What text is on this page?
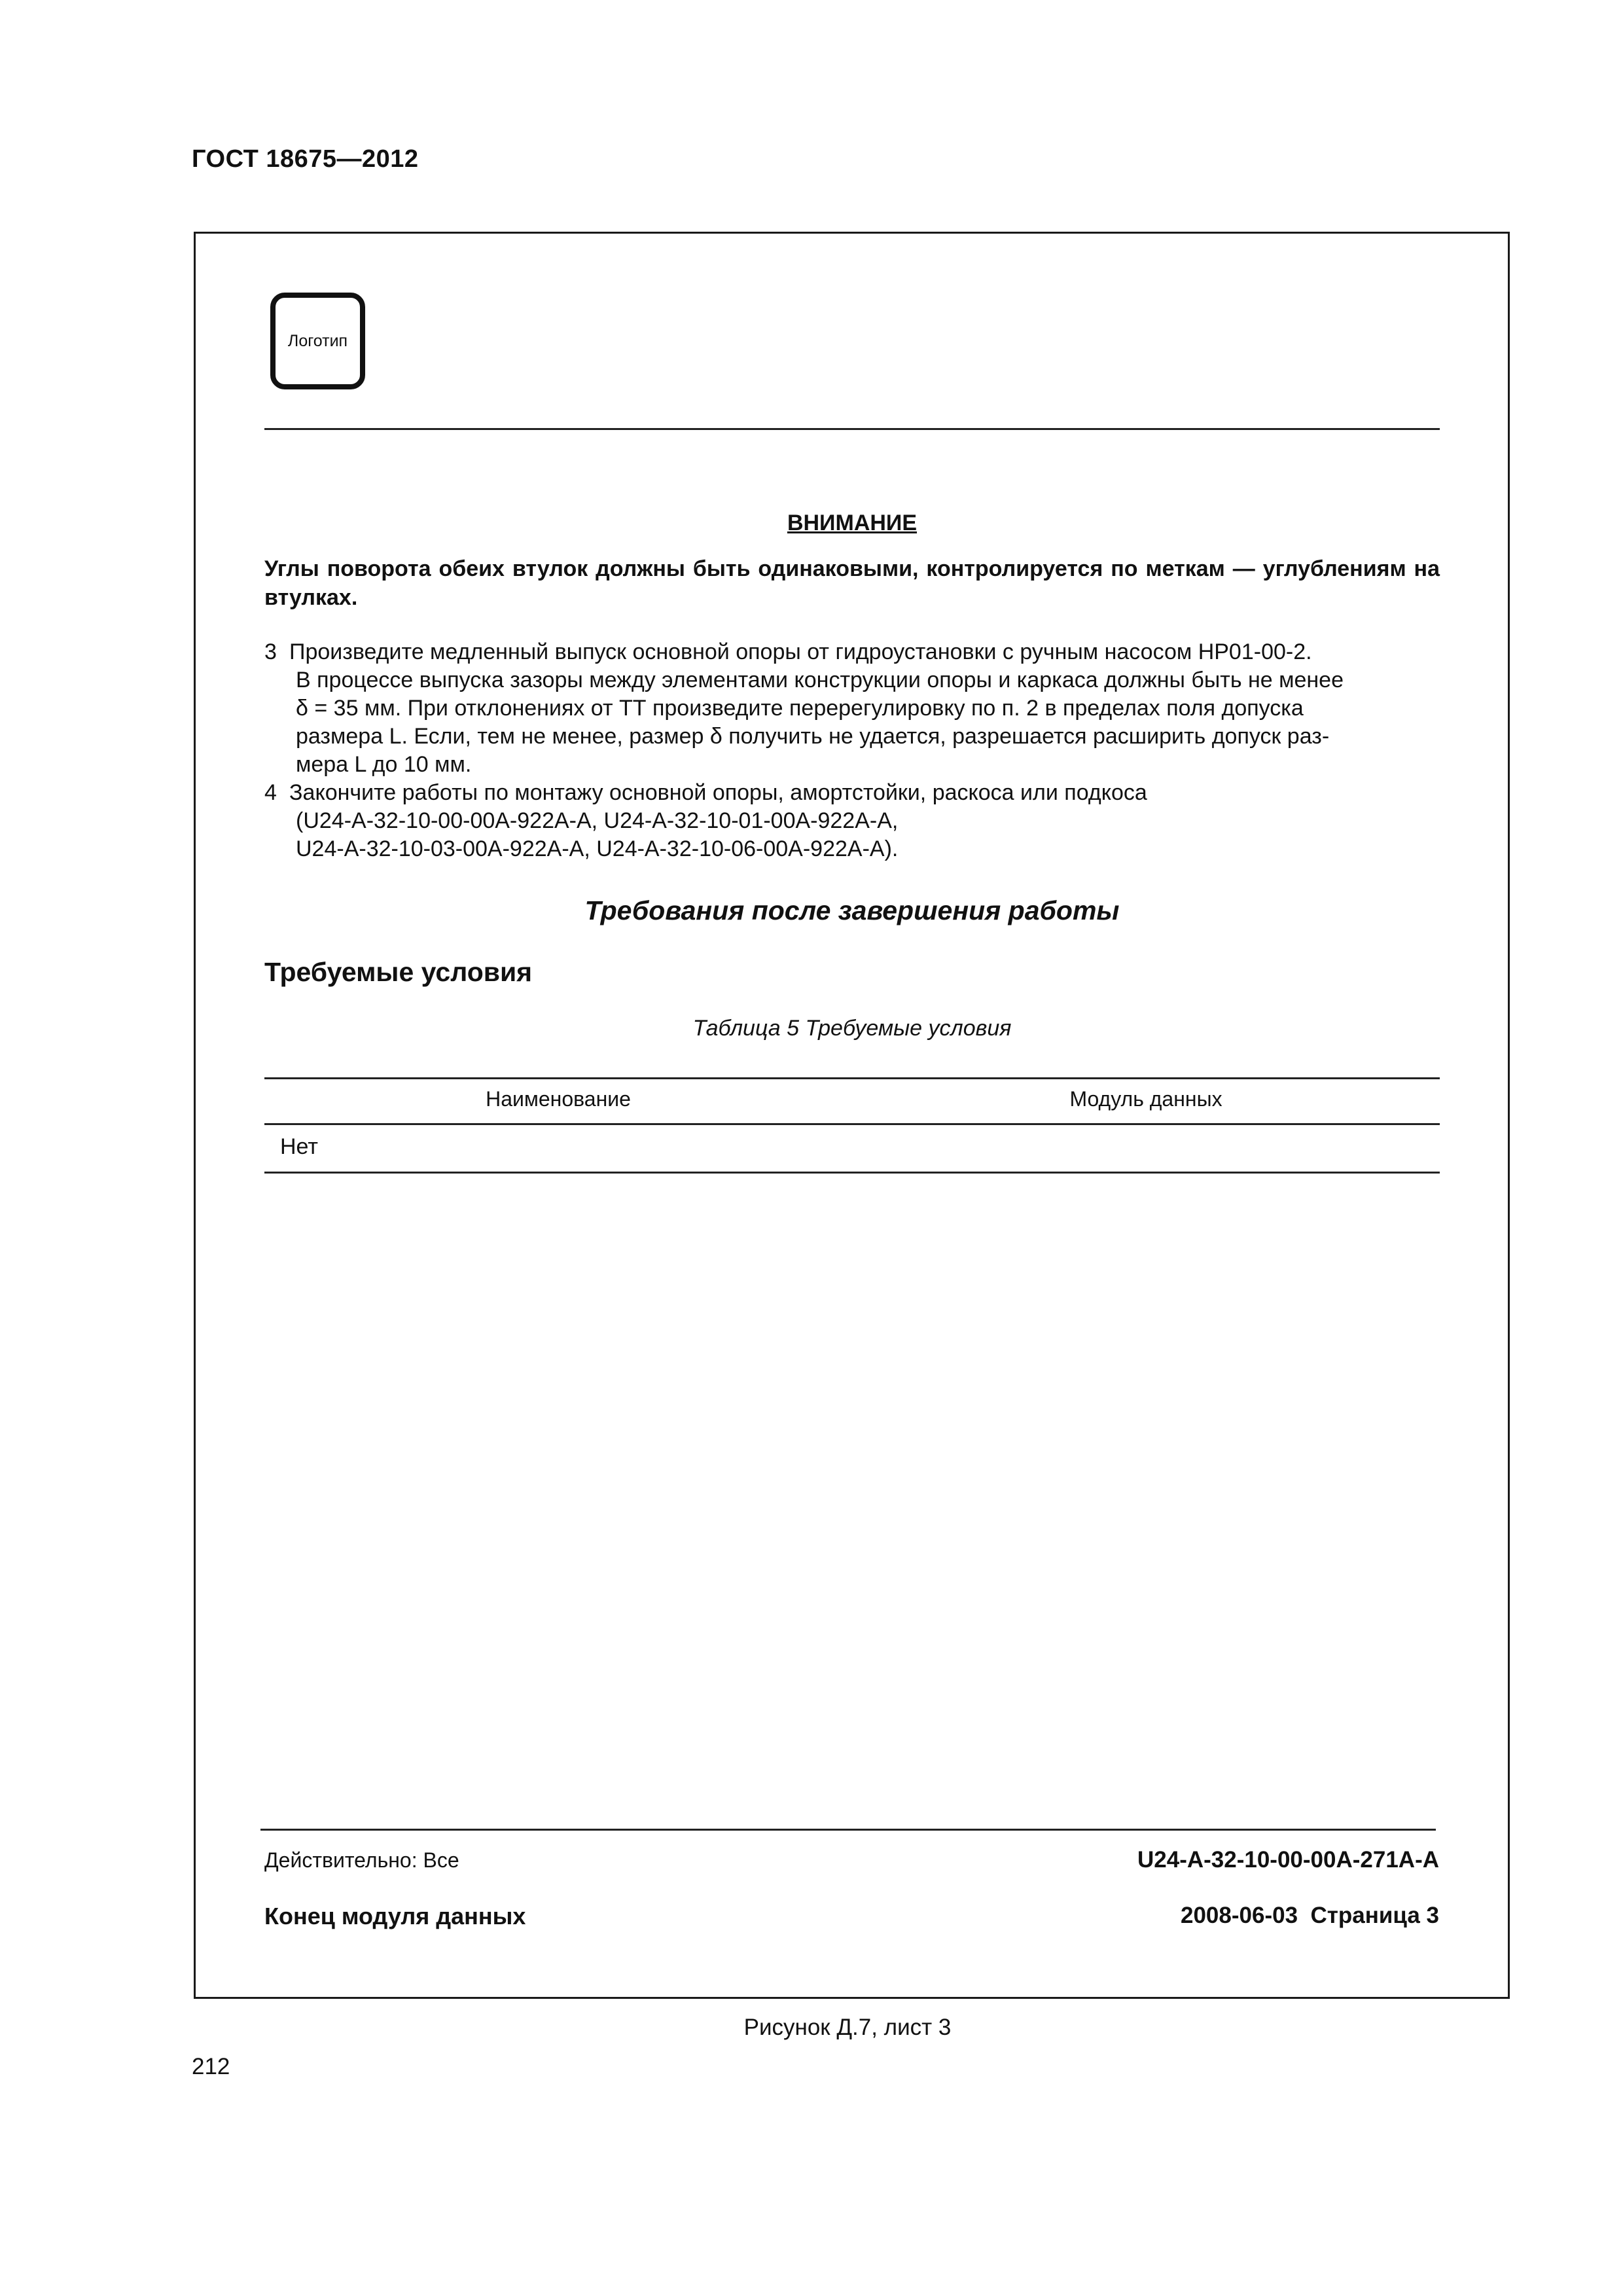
ГОСТ 18675—2012
Логотип
ВНИМАНИЕ
Углы поворота обеих втулок должны быть одинаковыми, контролируется по меткам — углублениям на втулках.
3 Произведите медленный выпуск основной опоры от гидроустановки с ручным насосом НР01-00-2.
В процессе выпуска зазоры между элементами конструкции опоры и каркаса должны быть не менее
δ = 35 мм. При отклонениях от ТТ произведите перерегулировку по п. 2 в пределах поля допуска
размера L. Если, тем не менее, размер δ получить не удается, разрешается расширить допуск раз-
мера L до 10 мм.
4 Закончите работы по монтажу основной опоры, амортстойки, раскоса или подкоса
(U24-A-32-10-00-00A-922A-A, U24-A-32-10-01-00A-922A-A,
U24-A-32-10-03-00A-922A-A, U24-A-32-10-06-00A-922A-A).
Требования после завершения работы
Требуемые условия
Таблица 5 Требуемые условия
Наименование	Модуль данных
Нет
Действительно: Все	U24-A-32-10-00-00A-271A-A
Конец модуля данных	2008-06-03  Страница 3
Рисунок Д.7, лист 3
212
